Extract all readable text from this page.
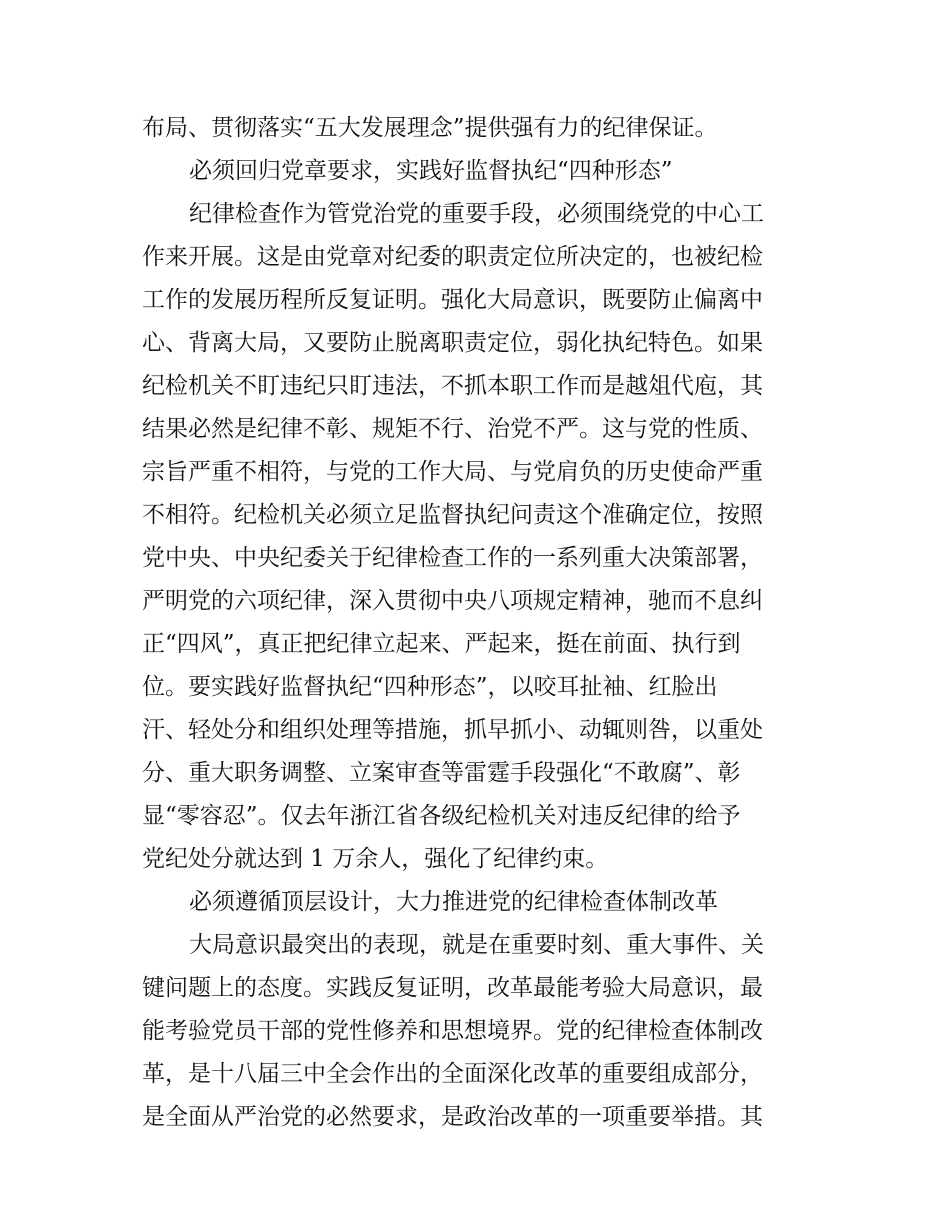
布局、贯彻落实“五大发展理念”提供强有力的纪律保证。
必须回归党章要求，实践好监督执纪“四种形态”
纪律检查作为管党治党的重要手段，必须围绕党的中心工
作来开展。这是由党章对纪委的职责定位所决定的，也被纪检
工作的发展历程所反复证明。强化大局意识，既要防止偏离中
心、背离大局，又要防止脱离职责定位，弱化执纪特色。如果
纪检机关不盯违纪只盯违法，不抓本职工作而是越俎代庖，其
结果必然是纪律不彰、规矩不行、治党不严。这与党的性质、
宗旨严重不相符，与党的工作大局、与党肩负的历史使命严重
不相符。纪检机关必须立足监督执纪问责这个准确定位，按照
党中央、中央纪委关于纪律检查工作的一系列重大决策部署，
严明党的六项纪律，深入贯彻中央八项规定精神，驰而不息纠
正“四风”，真正把纪律立起来、严起来，挺在前面、执行到
位。要实践好监督执纪“四种形态”，以咬耳扯袖、红脸出
汗、轻处分和组织处理等措施，抓早抓小、动辄则咎，以重处
分、重大职务调整、立案审查等雷霆手段强化“不敢腐”、彰
显“零容忍”。仅去年浙江省各级纪检机关对违反纪律的给予
党纪处分就达到 1 万余人，强化了纪律约束。
必须遵循顶层设计，大力推进党的纪律检查体制改革
大局意识最突出的表现，就是在重要时刻、重大事件、关
键问题上的态度。实践反复证明，改革最能考验大局意识，最
能考验党员干部的党性修养和思想境界。党的纪律检查体制改
革，是十八届三中全会作出的全面深化改革的重要组成部分，
是全面从严治党的必然要求，是政治改革的一项重要举措。其
